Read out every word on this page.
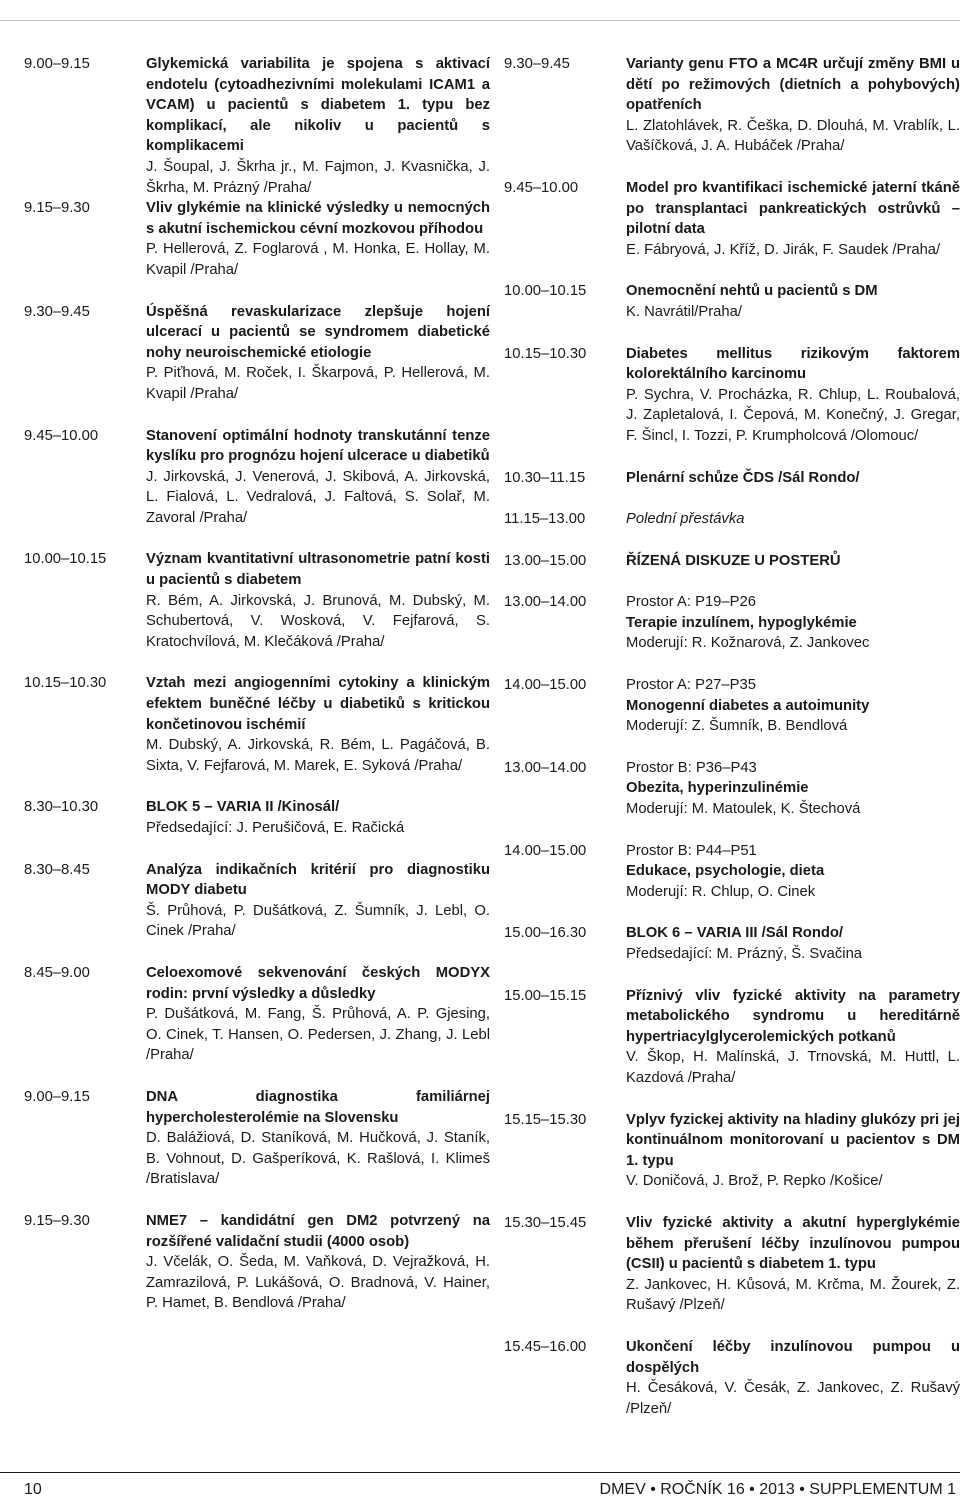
9.00–9.15	Glykemická variabilita je spojena s aktivací endotelu (cytoadhezivními molekulami ICAM1 a VCAM) u pacientů s diabetem 1. typu bez komplikací, ale nikoliv u pacientů s komplikacemi
J. Šoupal, J. Škrha jr., M. Fajmon, J. Kvasnička, J. Škrha, M. Prázný /Praha/
9.15–9.30	Vliv glykémie na klinické výsledky u nemocných s akutní ischemickou cévní mozkovou příhodou
P. Hellerová, Z. Foglarová , M. Honka, E. Hollay, M. Kvapil /Praha/
9.30–9.45	Úspěšná revaskularizace zlepšuje hojení ulcerací u pacientů se syndromem diabetické nohy neuroischemické etiologie
P. Piťhová, M. Roček, I. Škarpová, P. Hellerová, M. Kvapil /Praha/
9.45–10.00	Stanovení optimální hodnoty transkutánní tenze kyslíku pro prognózu hojení ulcerace u diabetiků
J. Jirkovská, J. Venerová, J. Skibová, A. Jirkovská, L. Fialová, L. Vedralová, J. Faltová, S. Solař, M. Zavoral /Praha/
10.00–10.15	Význam kvantitativní ultrasonometrie patní kosti u pacientů s diabetem
R. Bém, A. Jirkovská, J. Brunová, M. Dubský, M. Schubertová, V. Wosková, V. Fejfarová, S. Kratochvílová, M. Klečáková /Praha/
10.15–10.30	Vztah mezi angiogenními cytokiny a klinickým efektem buněčné léčby u diabetiků s kritickou končetinovou ischémií
M. Dubský, A. Jirkovská, R. Bém, L. Pagáčová, B. Sixta, V. Fejfarová, M. Marek, E. Syková /Praha/
8.30–10.30	BLOK 5 – VARIA II /Kinosál/
Předsedající: J. Perušičová, E. Račická
8.30–8.45	Analýza indikačních kritérií pro diagnostiku MODY diabetu
Š. Průhová, P. Dušátková, Z. Šumník, J. Lebl, O. Cinek /Praha/
8.45–9.00	Celoexomové sekvenování českých MODYX rodin: první výsledky a důsledky
P. Dušátková, M. Fang, Š. Průhová, A. P. Gjesing, O. Cinek, T. Hansen, O. Pedersen, J. Zhang, J. Lebl /Praha/
9.00–9.15	DNA diagnostika familiárnej hypercholesterolémie na Slovensku
D. Balážiová, D. Staníková, M. Hučková, J. Staník, B. Vohnout, D. Gašperíková, K. Rašlová, I. Klimeš /Bratislava/
9.15–9.30	NME7 – kandidátní gen DM2 potvrzený na rozšířené validační studii (4000 osob)
J. Včelák, O. Šeda, M. Vaňková, D. Vejražková, H. Zamrazilová, P. Lukášová, O. Bradnová, V. Hainer, P. Hamet, B. Bendlová /Praha/
9.30–9.45	Varianty genu FTO a MC4R určují změny BMI u dětí po režimových (dietních a pohybových) opatřeních
L. Zlatohlávek, R. Češka, D. Dlouhá, M. Vrablík, L. Vašíčková, J. A. Hubáček /Praha/
9.45–10.00	Model pro kvantifikaci ischemické jaterní tkáně po transplantaci pankreatických ostrůvků – pilotní data
E. Fábryová, J. Kříž, D. Jirák, F. Saudek /Praha/
10.00–10.15	Onemocnění nehtů u pacientů s DM
K. Navrátil/Praha/
10.15–10.30	Diabetes mellitus rizikovým faktorem kolorektálního karcinomu
P. Sychra, V. Procházka, R. Chlup, L. Roubalová, J. Zapletalová, I. Čepová, M. Konečný, J. Gregar, F. Šincl, I. Tozzi, P. Krumpholcová /Olomouc/
10.30–11.15	Plenární schůze ČDS /Sál Rondo/
11.15–13.00	Polední přestávka
13.00–15.00	ŘÍZENÁ DISKUZE U POSTERŮ
13.00–14.00	Prostor A: P19–P26
Terapie inzulínem, hypoglykémie
Moderují: R. Kožnarová, Z. Jankovec
14.00–15.00	Prostor A: P27–P35
Monogenní diabetes a autoimunity
Moderují: Z. Šumník, B. Bendlová
13.00–14.00	Prostor B: P36–P43
Obezita, hyperinzulinémie
Moderují: M. Matoulek, K. Štechová
14.00–15.00	Prostor B: P44–P51
Edukace, psychologie, dieta
Moderují: R. Chlup, O. Cinek
15.00–16.30	BLOK 6 – VARIA III /Sál Rondo/
Předsedající: M. Prázný, Š. Svačina
15.00–15.15	Příznivý vliv fyzické aktivity na parametry metabolického syndromu u hereditárně hypertriacylglycerolemických potkanů
V. Škop, H. Malínská, J. Trnovská, M. Huttl, L. Kazdová /Praha/
15.15–15.30	Vplyv fyzickej aktivity na hladiny glukózy pri jej kontinuálnom monitorovaní u pacientov s DM 1. typu
V. Doničová, J. Brož, P. Repko /Košice/
15.30–15.45	Vliv fyzické aktivity a akutní hyperglykémie během přerušení léčby inzulínovou pumpou (CSII) u pacientů s diabetem 1. typu
Z. Jankovec, H. Kůsová, M. Krčma, M. Žourek, Z. Rušavý /Plzeň/
15.45–16.00	Ukončení léčby inzulínovou pumpou u dospělých
H. Česáková, V. Česák, Z. Jankovec, Z. Rušavý /Plzeň/
10	DMEV • ROČNÍK 16 • 2013 • SUPPLEMENTUM 1
